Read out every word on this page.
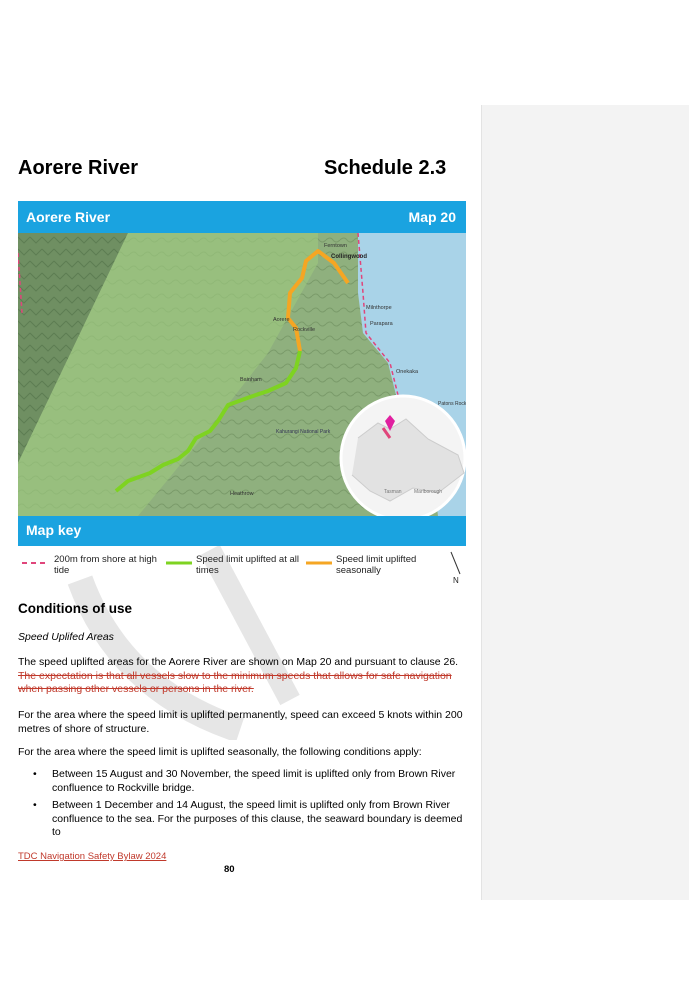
Aorere River	Schedule 2.3
Aorere River	Map 20
Ferntown
Collingwood
Aorere
Rockville
Bainham
Milnthorpe
Parapara
Onekaka
Kahurangi National Park
Heathrow	Tasman Marlborough
Patons Rock
Map key
200m from shore at high tide
Speed limit uplifted at all times
Speed limit uplifted seasonally
N
Conditions of use
Speed Uplifed Areas
The speed uplifted areas for the Aorere River are shown on Map 20 and pursuant to clause 26. The expectation is that all vessels slow to the minimum speeds that allows for safe navigation when passing other vessels or persons in the river.
For the area where the speed limit is uplifted permanently, speed can exceed 5 knots within 200 metres of shore of structure.
For the area where the speed limit is uplifted seasonally, the following conditions apply:
• Between 15 August and 30 November, the speed limit is uplifted only from Brown River confluence to Rockville bridge.
• Between 1 December and 14 August, the speed limit is uplifted only from Brown River confluence to the sea. For the purposes of this clause, the seaward boundary is deemed to
TDC Navigation Safety Bylaw 2024
80
